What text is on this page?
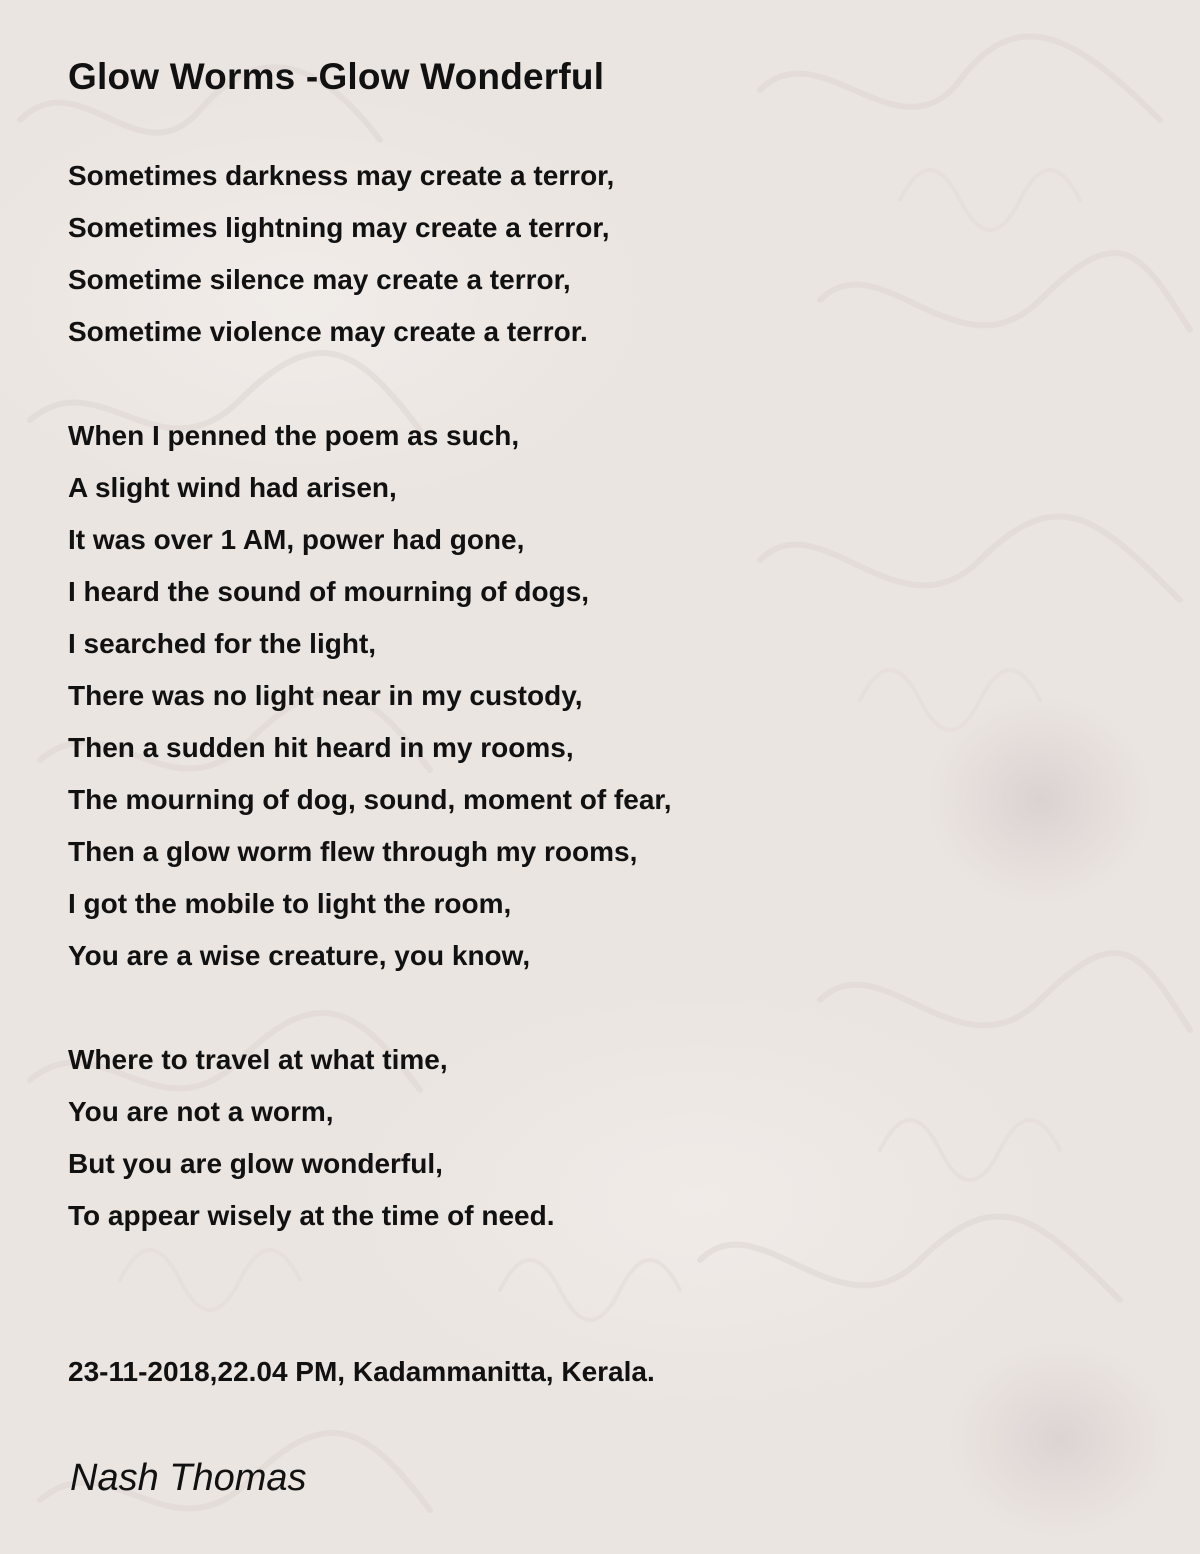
Glow Worms -Glow Wonderful
Sometimes darkness may create a terror,
Sometimes lightning may create a terror,
Sometime silence may create a terror,
Sometime violence may create a terror.
When I penned the poem as such,
A slight wind had arisen,
It was over 1 AM, power had gone,
I heard the sound of mourning of dogs,
I searched for the light,
There was no light near in my custody,
Then a sudden hit heard in my rooms,
The mourning of dog, sound, moment of fear,
Then a glow worm flew through my rooms,
I got the mobile to light the room,
You are a wise creature, you know,
Where to travel at what time,
You are not a worm,
But you are glow wonderful,
To appear wisely at the time of need.
23-11-2018,22.04 PM, Kadammanitta, Kerala.
Nash Thomas
